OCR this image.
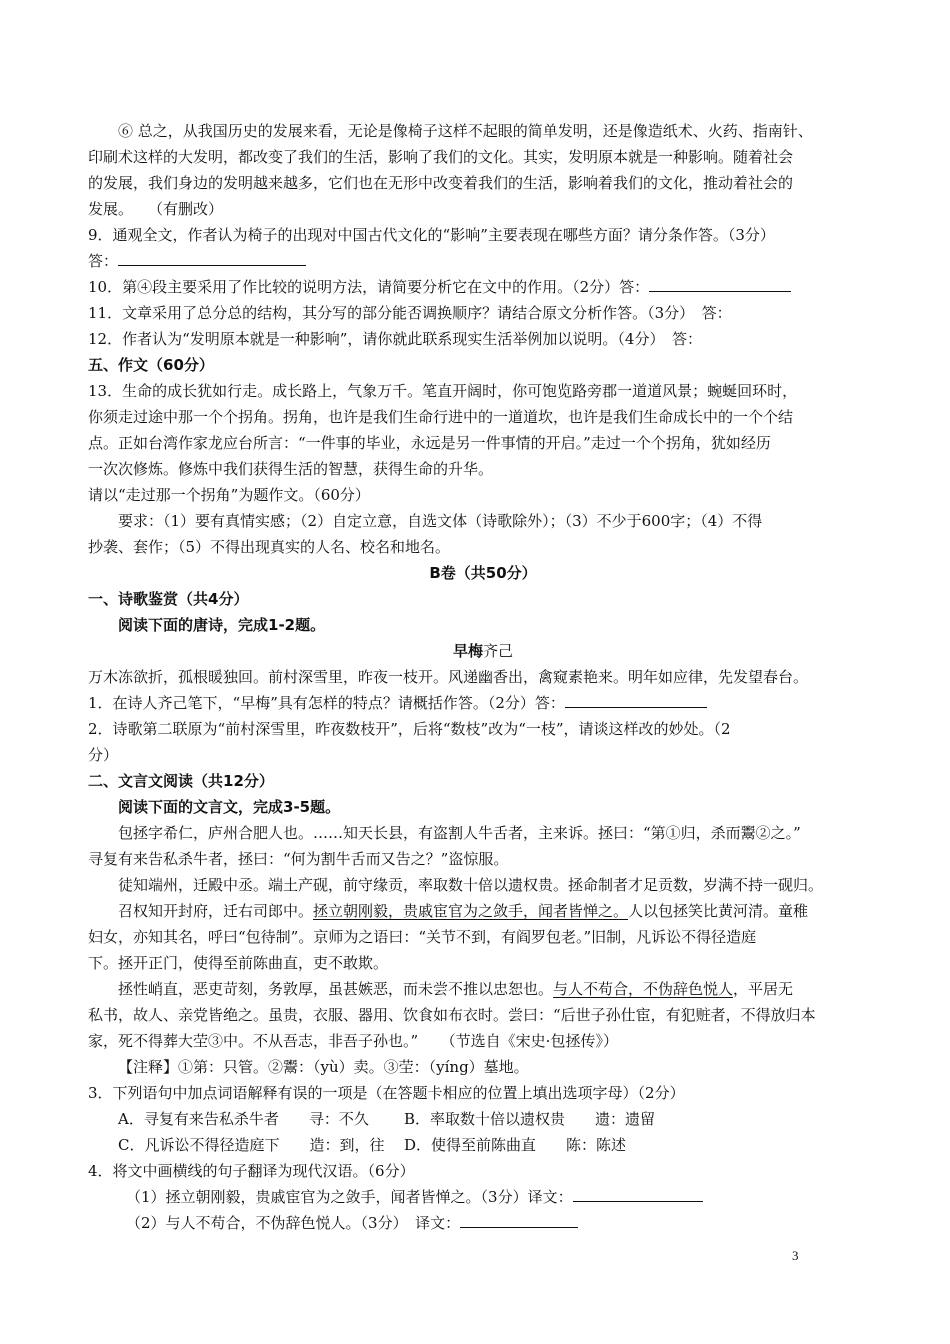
⑥ 总之，从我国历史的发展来看，无论是像椅子这样不起眼的简单发明，还是像造纸术、火药、指南针、

印刷术这样的大发明，都改变了我们的生活，影响了我们的文化。其实，发明原本就是一种影响。随着社会

的发展，我们身边的发明越来越多，它们也在无形中改变着我们的生活，影响着我们的文化，推动着社会的

发展。　　（有删改）

9．通观全文，作者认为椅子的出现对中国古代文化的“影响”主要表现在哪些方面？请分条作答。（3分）

答：

10．第④段主要采用了作比较的说明方法，请简要分析它在文中的作用。（2分）答：

11．文章采用了总分总的结构，其分写的部分能否调换顺序？请结合原文分析作答。（3分）　答：

12．作者认为“发明原本就是一种影响”，请你就此联系现实生活举例加以说明。（4分）　答：

五、作文（60分）

13．生命的成长犹如行走。成长路上，气象万千。笔直开阔时，你可饱览路旁郡一道道风景；蜿蜒回环时，

你须走过途中那一个个拐角。拐角，也许是我们生命行进中的一道道坎，也许是我们生命成长中的一个个结

点。正如台湾作家龙应台所言：“一件事的毕业，永远是另一件事情的开启。”走过一个个拐角，犹如经历

一次次修炼。修炼中我们获得生活的智慧，获得生命的升华。

请以“走过那一个拐角”为题作文。（60分）

要求：（1）要有真情实感；（2）自定立意，自选文体（诗歌除外）；（3）不少于600字；（4）不得

抄袭、套作；（5）不得出现真实的人名、校名和地名。

B卷（共50分）

一、诗歌鉴赏（共4分）

阅读下面的唐诗，完成1-2题。

早梅齐己

万木冻欲折，孤根暖独回。前村深雪里，昨夜一枝开。风递幽香出，禽窥素艳来。明年如应律，先发望春台。

1．在诗人齐己笔下，“早梅”具有怎样的特点？请概括作答。（2分）答：

2．诗歌第二联原为“前村深雪里，昨夜数枝开”，后将“数枝”改为“一枝”，请谈这样改的妙处。（2

分）

二、文言文阅读（共12分）

阅读下面的文言文，完成3-5题。

包拯字希仁，庐州合肥人也。……知天长县，有盗割人牛舌者，主来诉。拯曰：“第①归，杀而鬻②之。”

寻复有来告私杀牛者，拯曰：“何为割牛舌而又告之？”盗惊服。

徒知端州，迁殿中丞。端土产砚，前守缘贡，率取数十倍以遗权贵。拯命制者才足贡数，岁满不持一砚归。

召权知开封府，迁右司郎中。拯立朝刚毅，贵戚宦官为之敛手，闻者皆惮之。人以包拯笑比黄河清。童稚

妇女，亦知其名，呼曰“包待制”。京师为之语曰：“关节不到，有阎罗包老。”旧制，凡诉讼不得径造庭

下。拯开正门，使得至前陈曲直，吏不敢欺。

拯性峭直，恶吏苛刻，务敦厚，虽甚嫉恶，而未尝不推以忠恕也。与人不苟合，不伪辞色悦人，平居无

私书，故人、亲党皆绝之。虽贵，衣服、器用、饮食如布衣时。尝曰：“后世子孙仕宦，有犯赃者，不得放归本

家，死不得葬大茔③中。不从吾志，非吾子孙也。”　　（节选自《宋史·包拯传》）

【注释】①第：只管。②鬻：（yù）卖。③茔：（yíng）墓地。

3．下列语句中加点词语解释有误的一项是（在答题卡相应的位置上填出选项字母）（2分）

A．寻复有来告私杀牛者　　寻：不久 B．率取数十倍以遗权贵　　遗：遗留

C．凡诉讼不得径造庭下　　造：到，往 D．使得至前陈曲直　　陈：陈述

4．将文中画横线的句子翻译为现代汉语。（6分）

（1）拯立朝刚毅，贵戚宦官为之敛手，闻者皆惮之。（3分）译文：

（2）与人不苟合，不伪辞色悦人。（3分）　译文：

3
